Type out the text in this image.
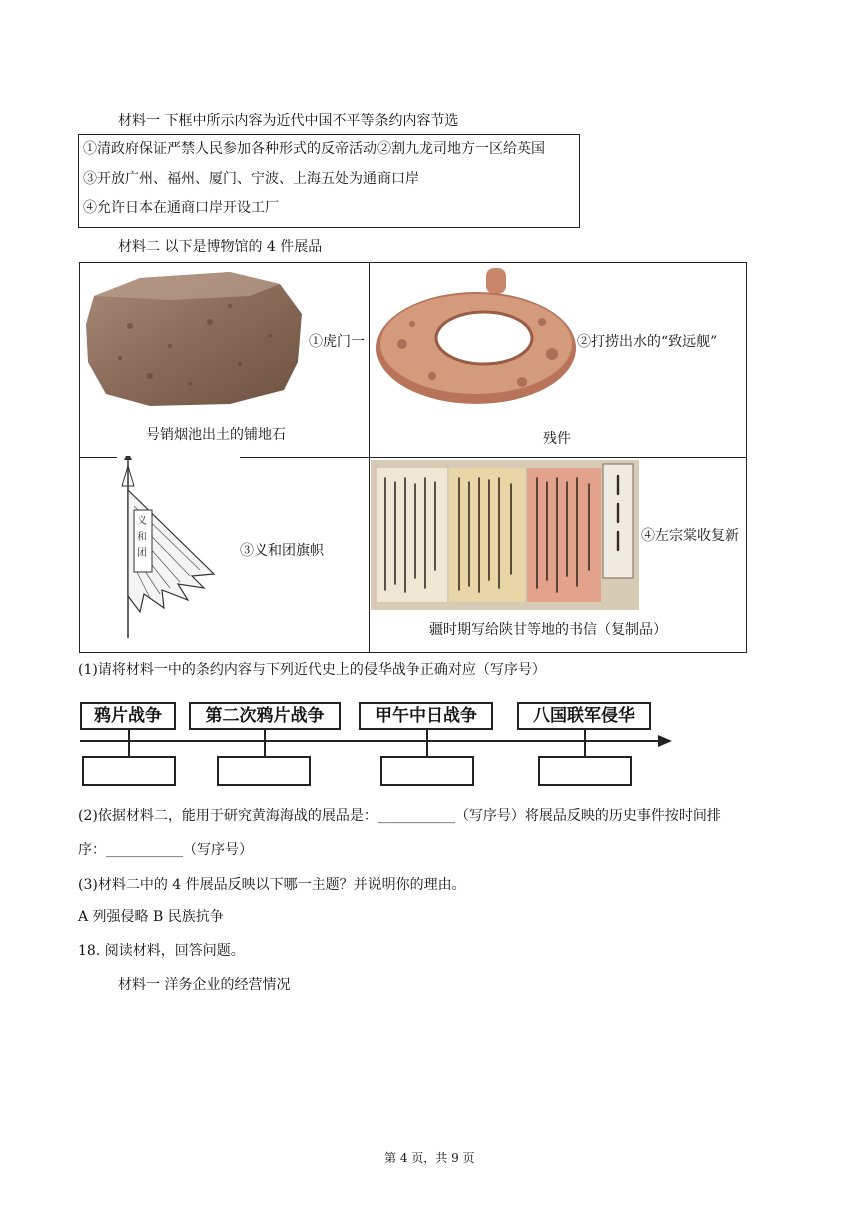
材料一 下框中所示内容为近代中国不平等条约内容节选
①清政府保证严禁人民参加各种形式的反帝活动②割九龙司地方一区给英国
③开放广州、福州、厦门、宁波、上海五处为通商口岸
④允许日本在通商口岸开设工厂
材料二 以下是博物馆的 4 件展品
①虎门一
号销烟池出土的铺地石
②打捞出水的“致远舰”
残件
义
和
团	③义和团旗帜
④左宗棠收复新
疆时期写给陕甘等地的书信（复制品）
(1)请将材料一中的条约内容与下列近代史上的侵华战争正确对应（写序号）
鸦片战争	第二次鸦片战争	甲午中日战争	八国联军侵华
(2)依据材料二，能用于研究黄海海战的展品是：___________（写序号）将展品反映的历史事件按时间排
序：___________（写序号）
(3)材料二中的 4 件展品反映以下哪一主题？并说明你的理由。
A 列强侵略 B 民族抗争
18. 阅读材料，回答问题。
材料一 洋务企业的经营情况
第 4 页，共 9 页
